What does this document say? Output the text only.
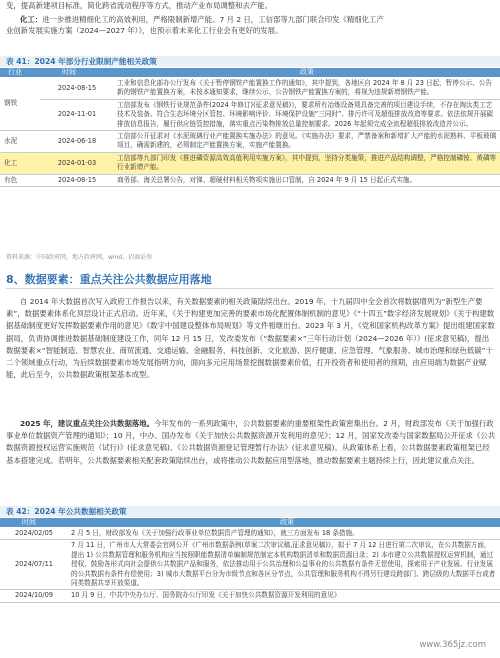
变，提高新建项目标准，简化跨省流动程序等方式，推动产业布局调整和去产能。

化工：进一步推进精细化工的高效利用，严格限制新增产能。7 月 2 日，工信部等九部门联合印发《精细化工产

业创新发展实施方案（2024—2027 年）》，也预示着未来化工行业会有更好的发展。

表 41：2024 年部分行业限制产能相关政策
行业	时间	政策
钢铁	2024-08-15	工业和信息化部办公厅发布《关于暂停钢铁产能置换工作的通知》，其中提到，各地区自 2024 年 8 月 23 日起，暂停公示、公告新的钢铁产能置换方案，未按本通知要求，继续公示、公告钢铁产能置换方案的，将视为违规新增钢铁产能。
	2024-11-01	工信部发布《钢铁行业规范条件(2024 年修订)(征求意见稿)》，要求所有冶炼设备须具备完善的项目建设手续，不存在淘汰类工艺技术及装备。符合生态环境分区管控、环境影响评价、环境保护设施“三同时”、排污许可及超低排放改造等要求。依法依规开展碳排放信息报告，履行供应链管控措施，落实重点污染物排放总量控制要求。2026 年起须完成全流程超低排放改造并公示。
水泥	2024-06-18	工信部公开征求对《水泥玻璃行业产能置换实施办法》的意见。《实施办法》要求，严禁备案和新增扩大产能的水泥熟料、平板玻璃项目，确需新建的，必须制定产能置换方案，实施产能置换。
化工	2024-01-03	工信部等九部门印发《推进磷资源高效高值利用实施方案》，其中提到，坚持分类施策，推进产品结构调整，严格控制磷铵、黄磷等行业新增产能。
有色	2024-08-15	商务部、海关总署公告，对锑、超硬材料相关物项实施出口管制，自 2024 年 9 月 15 日起正式实施。
资料来源：中国政府网，地方政府网，wind，招商证券
8、数据要素：重点关注公共数据应用落地

自 2014 年大数据首次写入政府工作报告以来，有关数据要素的相关政策陆续出台。2019 年，十九届四中全会首次将数据增列为“新型生产要素”，数据要素体系化顶层设计正式启动。近年来，《关于构建更加完善的要素市场化配置体制机制的意见》《“十四五”数字经济发展规划》《关于构建数据基础制度更好发挥数据要素作用的意见》《数字中国建设整体布局规划》等文件相继出台。2023 年 3 月，《党和国家机构改革方案》提出组建国家数据局，负责协调推进数据基础制度建设工作，同年 12 月 15 日，发改委发布《“数据要素×”三年行动计划（2024—2026 年）》(征求意见稿)，提出数据要素×“智能制造、智慧农业、商贸流通、交通运输、金融服务、科技创新、文化旅游、医疗健康、应急管理、气象服务、城市治理和绿色低碳”十二个领域重点行动，为后续数据要素市场发展指明方向，面向多元应用场景挖掘数据要素价值，打开投资者和使用者的预期，由应用端为数据产业赋能，此后至今，公共数据政策框架基本成型。

2025 年，建议重点关注公共数据落地。今年发布的一系列政策中，公共数据要素的重要框架性政策密集出台。2 月，财政部发布《关于加强行政事业单位数据资产管理的通知》；10 月，中办、国办发布《关于加快公共数据资源开发利用的意见》；12 月，国家发改委与国家数据局公开征求《公共数据资源授权运营实施规范（试行)》(征求意见稿)、《公共数据资源登记管理暂行办法》(征求意见稿)。从政策体系上看，公共数据要素政策框架已经基本搭建完成。若明年，公共数据要素相关配套政策陆续出台，或将推动公共数据应用型落地，推动数据要素主题持续上行，因此建议重点关注。

表 42：2024 年公共数据相关政策
时间	政策
2024/02/05	2 月 5 日，财政部发布《关于加强行政事业单位数据资产管理的通知》，就三方面发布 18 条措施。
2024/07/11	7 月 11 日，广州市人大常委会官网公开《广州市数据条例(草案二次审议稿,征求意见稿)》，拟于 7 月 12 日进行第二次审议，在公共数据方面，提出 1) 公共数据管理和服务机构应当按照职能数据清单编制规范制定本机构数据清单和数据资源目录；2) 本市建立公共数据授权运营机制，通过授权，鼓励各形式向社会提供公共数据产品和服务，依法推动用于公共治理和公益事业的公共数据有条件无偿使用，探索用于产业发展、行业发展的公共数据有条件有偿使用；3) 城市大数据平台分为市级节点和各区分节点，公共管理和服务机构不得另行建设跨部门、跨层级的大数据平台或者同类数据共享开放渠道。
2024/10/09	10 月 9 日，中共中央办公厅、国务院办公厅印发《关于加快公共数据资源开发利用的意见》
www.365jz.com
